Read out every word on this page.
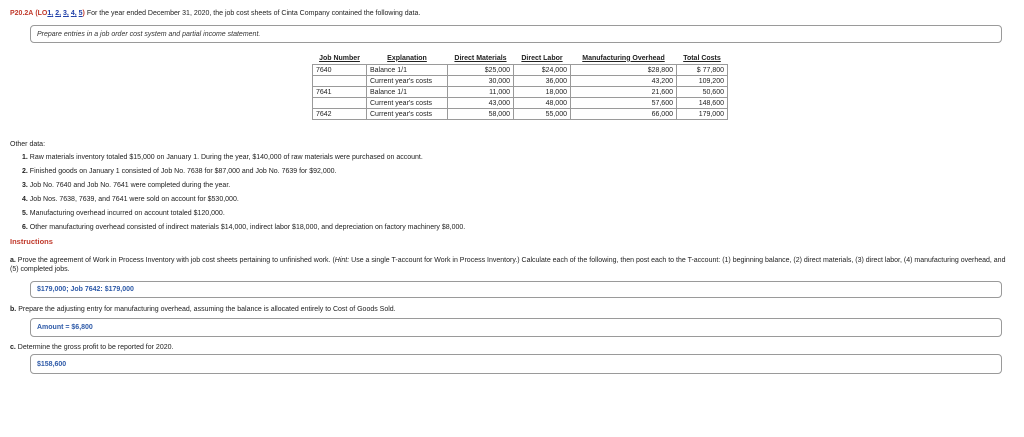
P20.2A (LO1, 2, 3, 4, 5) For the year ended December 31, 2020, the job cost sheets of Cinta Company contained the following data.
Prepare entries in a job order cost system and partial income statement.
Job Number	Explanation	Direct Materials	Direct Labor	Manufacturing Overhead	Total Costs
7640	Balance 1/1	$25,000	$24,000	$28,800	$ 77,800
	Current year's costs	30,000	36,000	43,200	109,200
7641	Balance 1/1	11,000	18,000	21,600	50,600
	Current year's costs	43,000	48,000	57,600	148,600
7642	Current year's costs	58,000	55,000	66,000	179,000
Other data:
1. Raw materials inventory totaled $15,000 on January 1. During the year, $140,000 of raw materials were purchased on account.
2. Finished goods on January 1 consisted of Job No. 7638 for $87,000 and Job No. 7639 for $92,000.
3. Job No. 7640 and Job No. 7641 were completed during the year.
4. Job Nos. 7638, 7639, and 7641 were sold on account for $530,000.
5. Manufacturing overhead incurred on account totaled $120,000.
6. Other manufacturing overhead consisted of indirect materials $14,000, indirect labor $18,000, and depreciation on factory machinery $8,000.
Instructions
a. Prove the agreement of Work in Process Inventory with job cost sheets pertaining to unfinished work. (Hint: Use a single T-account for Work in Process Inventory.) Calculate each of the following, then post each to the T-account: (1) beginning balance, (2) direct materials, (3) direct labor, (4) manufacturing overhead, and (5) completed jobs.
$179,000; Job 7642: $179,000
b. Prepare the adjusting entry for manufacturing overhead, assuming the balance is allocated entirely to Cost of Goods Sold.
Amount = $6,800
c. Determine the gross profit to be reported for 2020.
$158,600
